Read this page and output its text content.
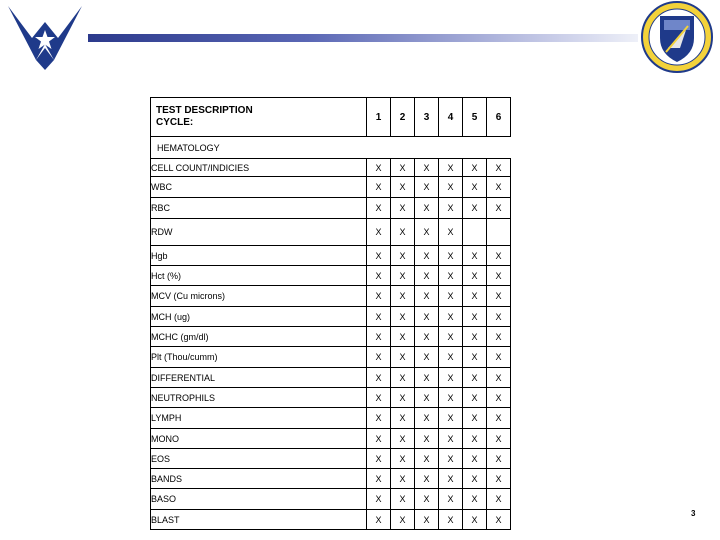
TEST DESCRIPTION
CYCLE:	1	2	3	4	5	6
HEMATOLOGY						
CELL COUNT/INDICIES	X	X	X	X	X	X
WBC	X	X	X	X	X	X
RBC	X	X	X	X	X	X
RDW	X	X	X	X		
Hgb	X	X	X	X	X	X
Hct (%)	X	X	X	X	X	X
MCV (Cu microns)	X	X	X	X	X	X
MCH (ug)	X	X	X	X	X	X
MCHC (gm/dl)	X	X	X	X	X	X
Plt (Thou/cumm)	X	X	X	X	X	X
DIFFERENTIAL	X	X	X	X	X	X
NEUTROPHILS	X	X	X	X	X	X
LYMPH	X	X	X	X	X	X
MONO	X	X	X	X	X	X
EOS	X	X	X	X	X	X
BANDS	X	X	X	X	X	X
BASO	X	X	X	X	X	X
BLAST	X	X	X	X	X	X
3
